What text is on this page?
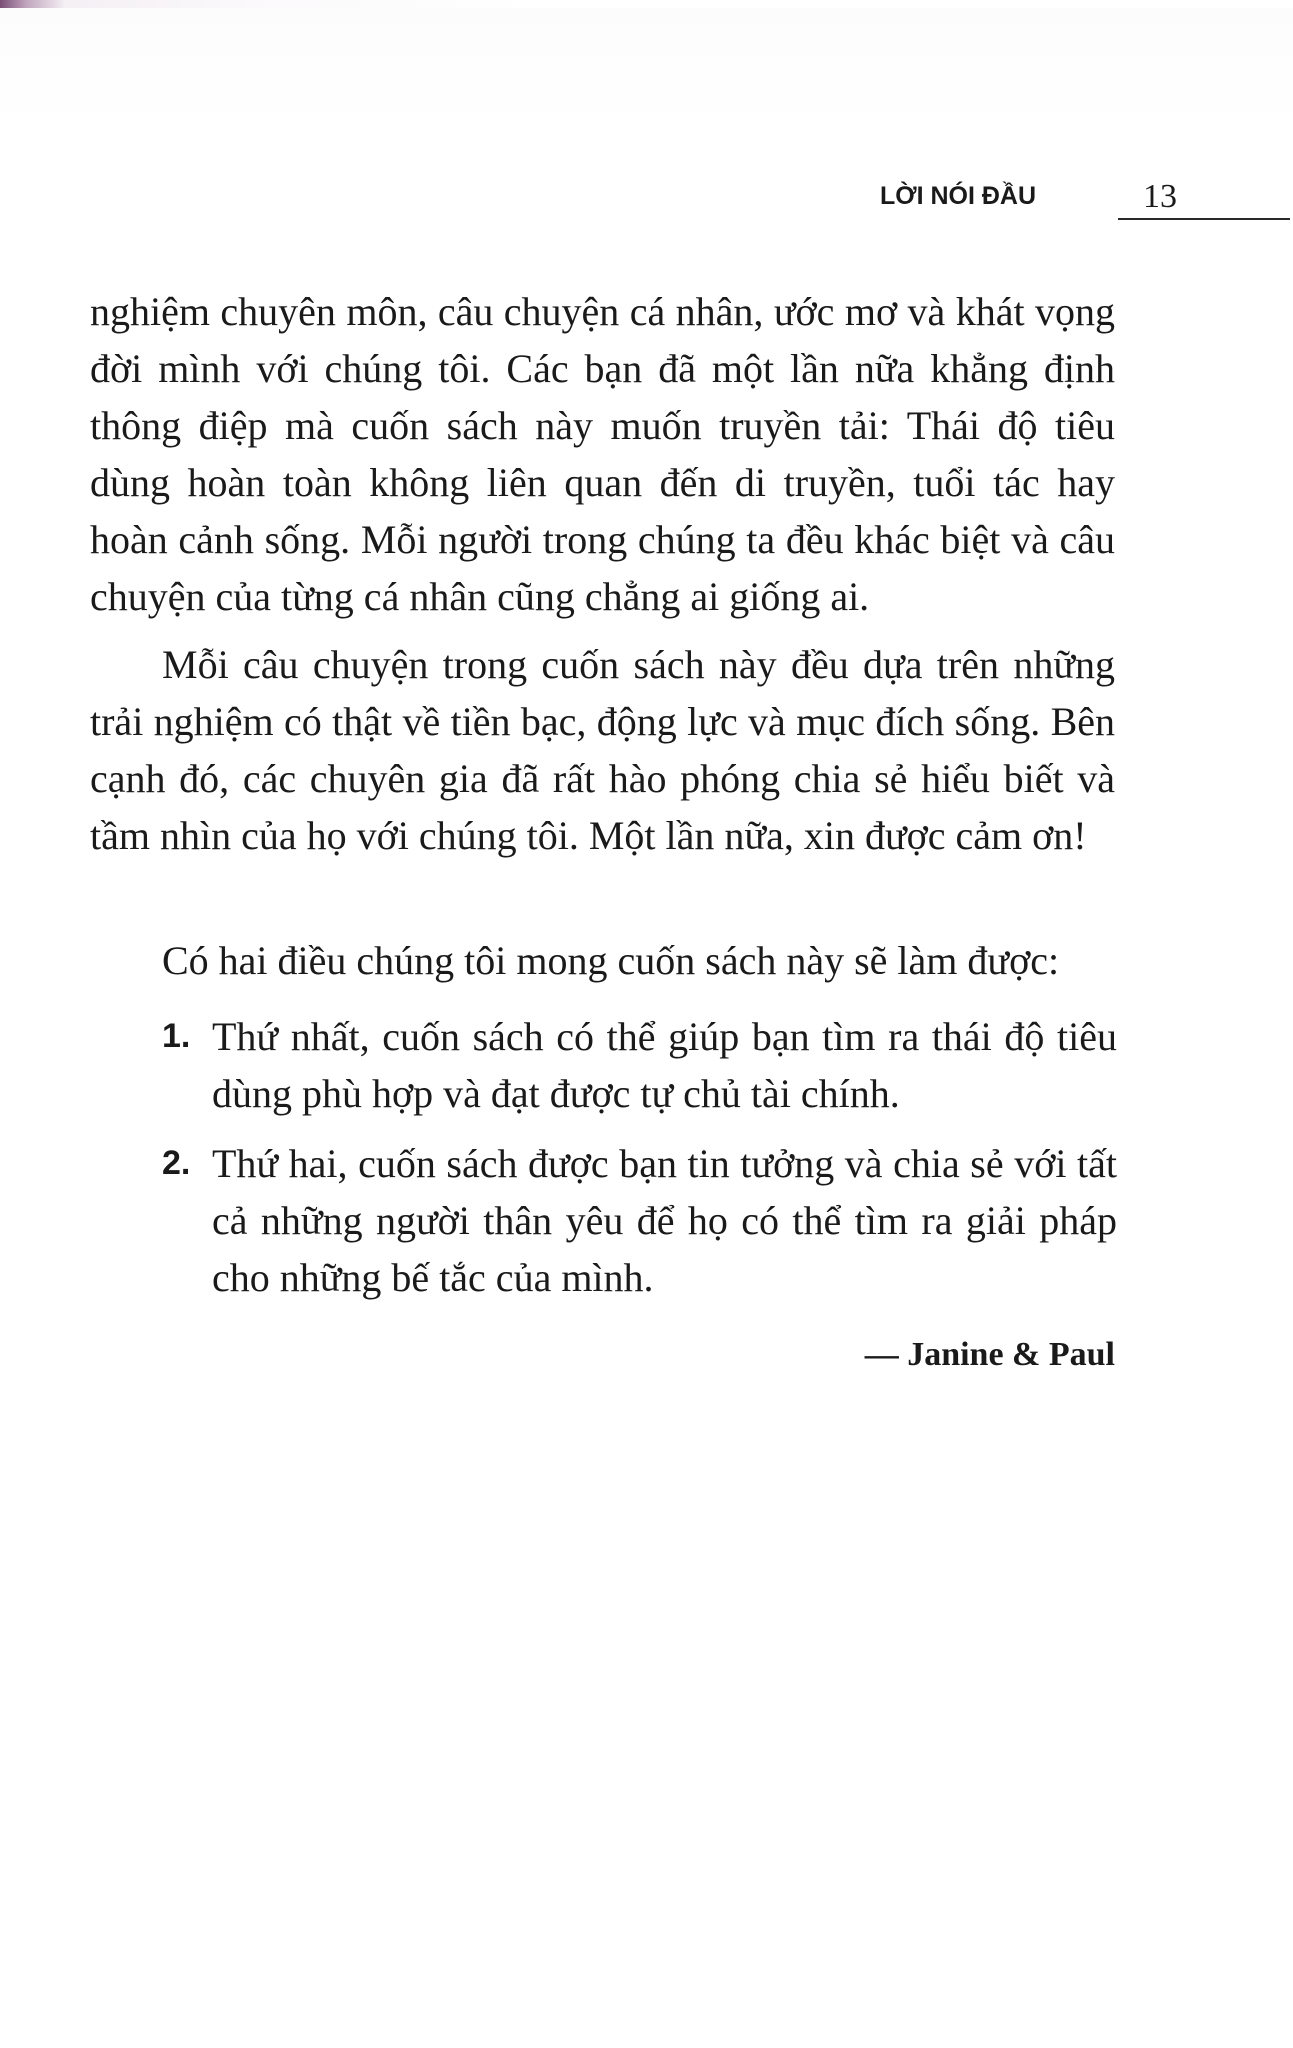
LỜI NÓI ĐẦU	13

nghiệm chuyên môn, câu chuyện cá nhân, ước mơ và khát vọng đời mình với chúng tôi. Các bạn đã một lần nữa khẳng định thông điệp mà cuốn sách này muốn truyền tải: Thái độ tiêu dùng hoàn toàn không liên quan đến di truyền, tuổi tác hay hoàn cảnh sống. Mỗi người trong chúng ta đều khác biệt và câu chuyện của từng cá nhân cũng chẳng ai giống ai.

Mỗi câu chuyện trong cuốn sách này đều dựa trên những trải nghiệm có thật về tiền bạc, động lực và mục đích sống. Bên cạnh đó, các chuyên gia đã rất hào phóng chia sẻ hiểu biết và tầm nhìn của họ với chúng tôi. Một lần nữa, xin được cảm ơn!

Có hai điều chúng tôi mong cuốn sách này sẽ làm được:

1. Thứ nhất, cuốn sách có thể giúp bạn tìm ra thái độ tiêu dùng phù hợp và đạt được tự chủ tài chính.
2. Thứ hai, cuốn sách được bạn tin tưởng và chia sẻ với tất cả những người thân yêu để họ có thể tìm ra giải pháp cho những bế tắc của mình.
— Janine & Paul
